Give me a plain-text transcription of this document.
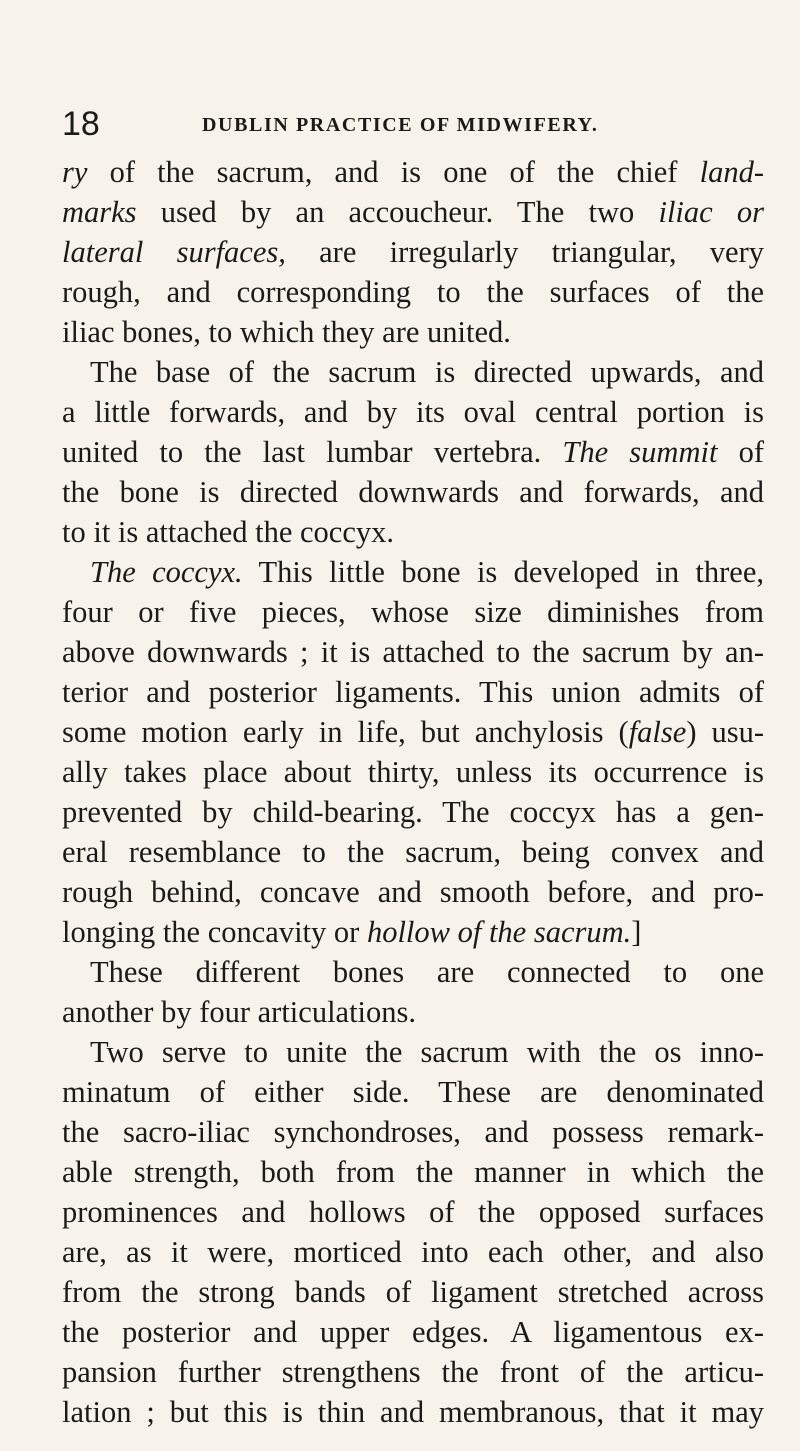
18	DUBLIN PRACTICE OF MIDWIFERY.
ry of the sacrum, and is one of the chief land-
marks used by an accoucheur. The two iliac or
lateral surfaces, are irregularly triangular, very
rough, and corresponding to the surfaces of the
iliac bones, to which they are united.
The base of the sacrum is directed upwards, and
a little forwards, and by its oval central portion is
united to the last lumbar vertebra. The summit of
the bone is directed downwards and forwards, and
to it is attached the coccyx.
The coccyx. This little bone is developed in three,
four or five pieces, whose size diminishes from
above downwards ; it is attached to the sacrum by an-
terior and posterior ligaments. This union admits of
some motion early in life, but anchylosis (false) usu-
ally takes place about thirty, unless its occurrence is
prevented by child-bearing. The coccyx has a gen-
eral resemblance to the sacrum, being convex and
rough behind, concave and smooth before, and pro-
longing the concavity or hollow of the sacrum.]
These different bones are connected to one
another by four articulations.
Two serve to unite the sacrum with the os inno-
minatum of either side. These are denominated
the sacro-iliac synchondroses, and possess remark-
able strength, both from the manner in which the
prominences and hollows of the opposed surfaces
are, as it were, morticed into each other, and also
from the strong bands of ligament stretched across
the posterior and upper edges. A ligamentous ex-
pansion further strengthens the front of the articu-
lation ; but this is thin and membranous, that it may
